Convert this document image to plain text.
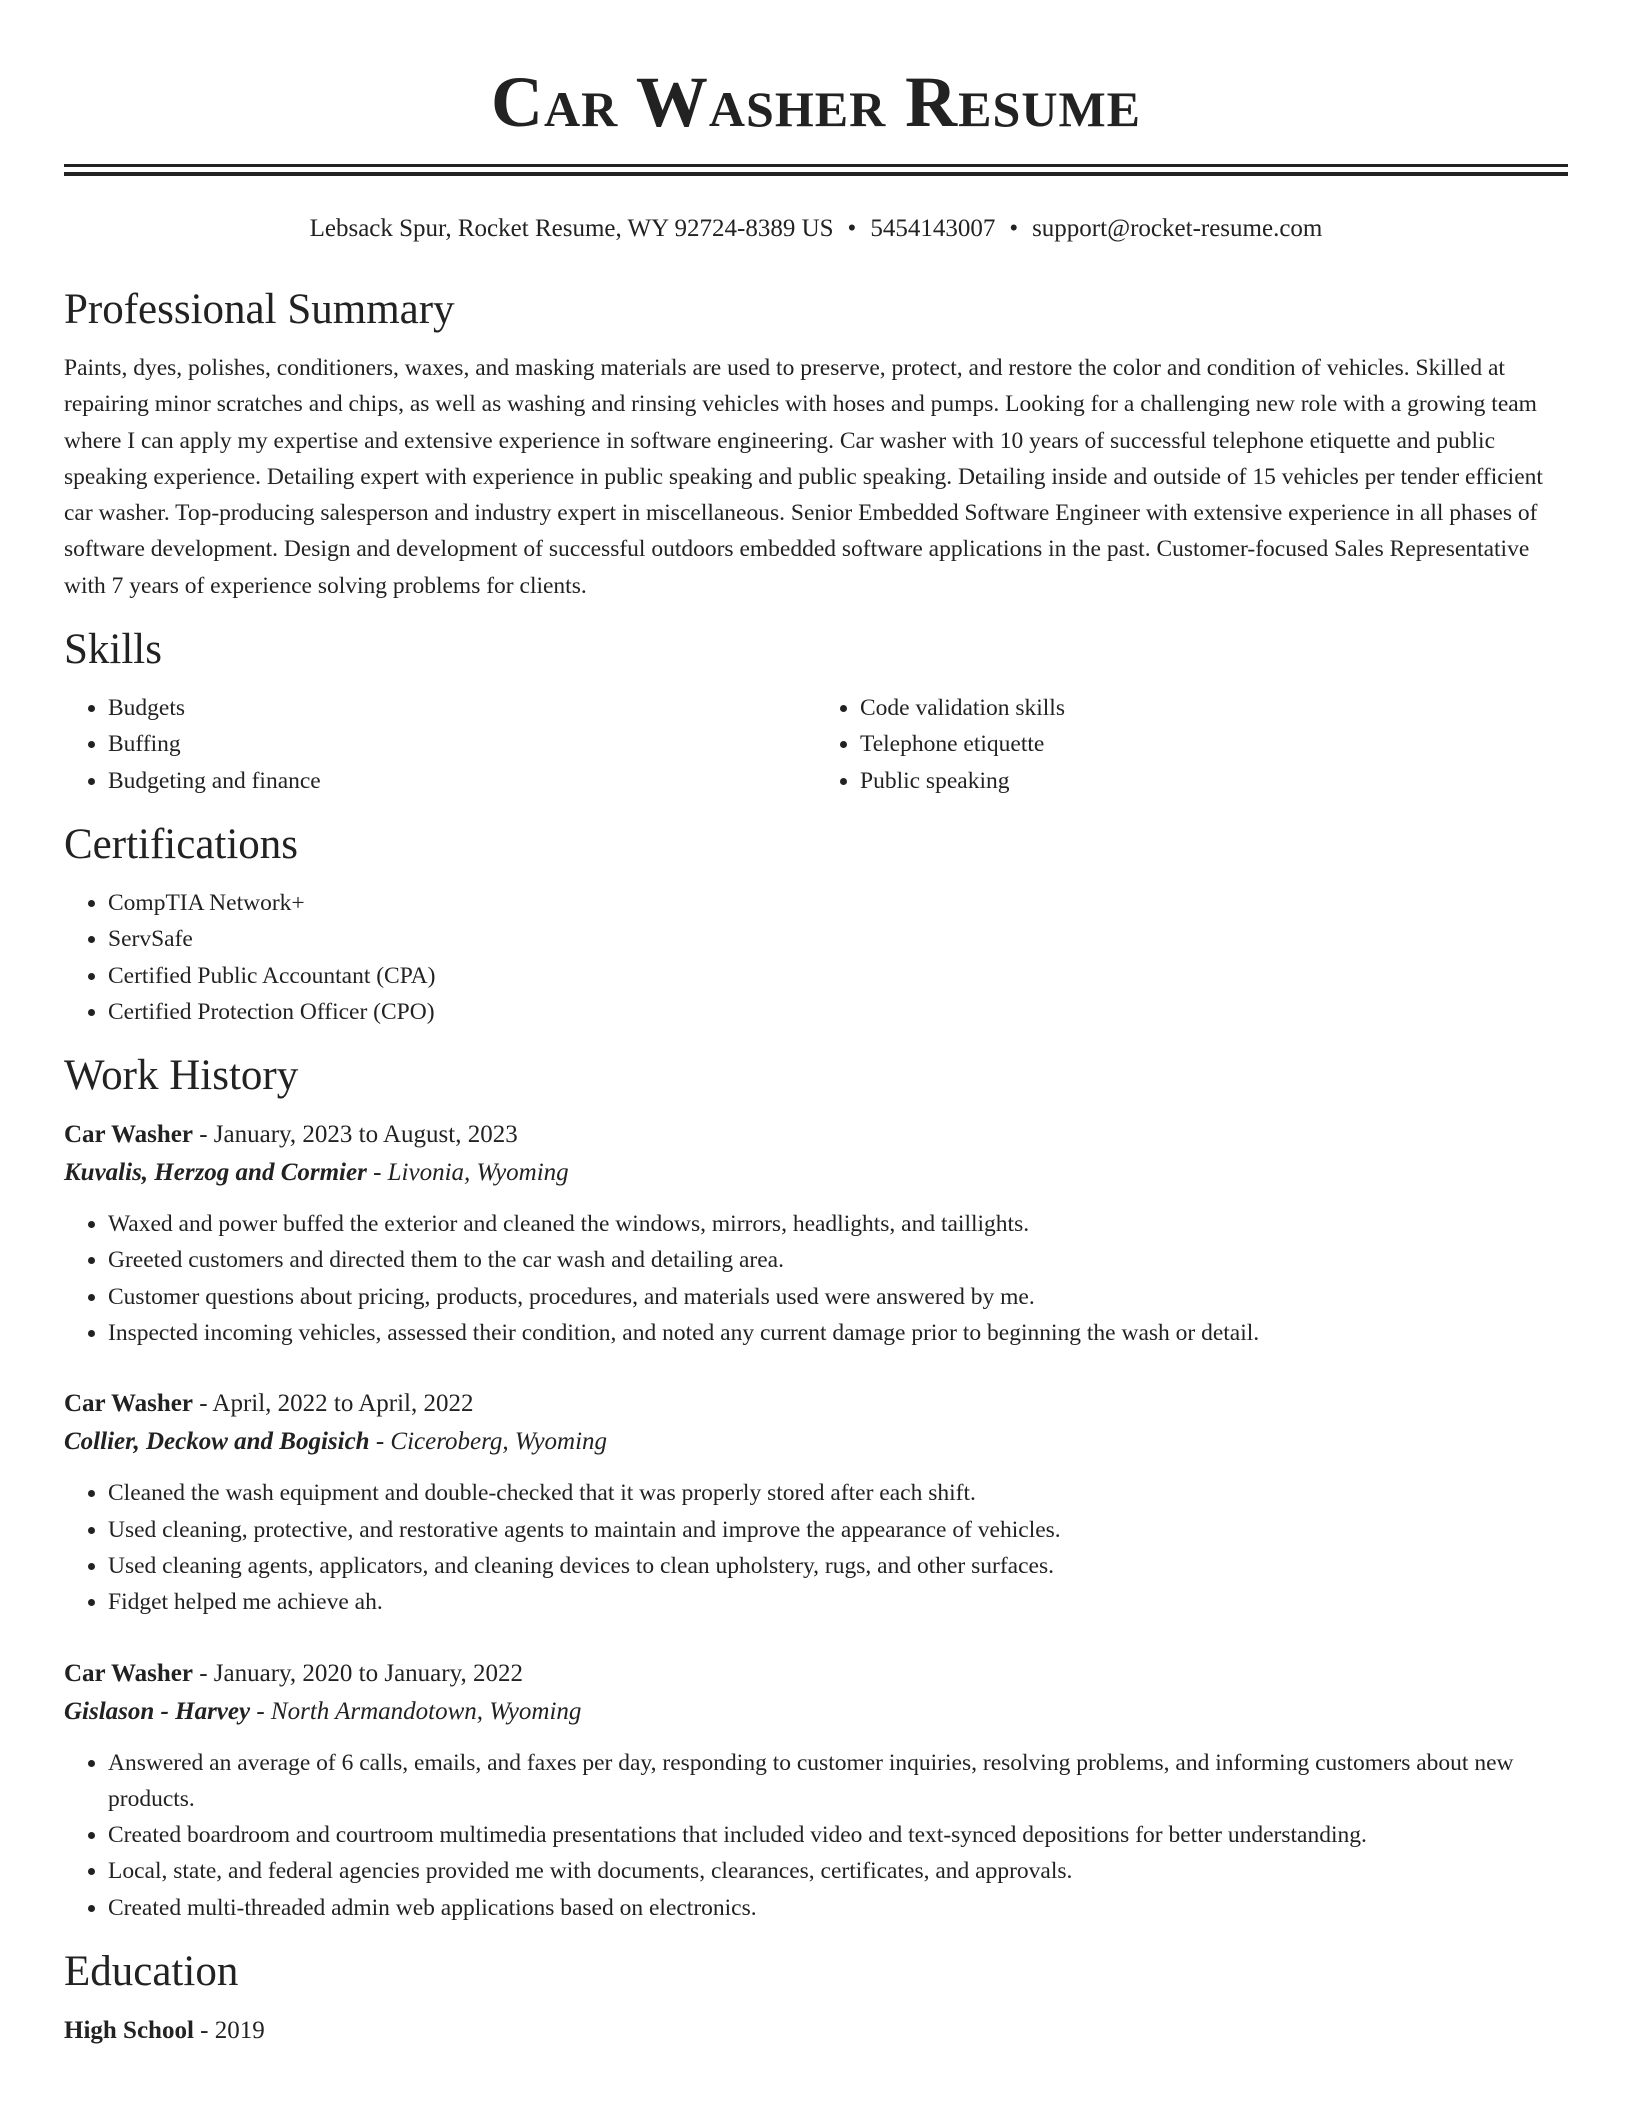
Car Washer Resume
Lebsack Spur, Rocket Resume, WY 92724-8389 US • 5454143007 • support@rocket-resume.com
Professional Summary

Paints, dyes, polishes, conditioners, waxes, and masking materials are used to preserve, protect, and restore the color and condition of vehicles. Skilled at repairing minor scratches and chips, as well as washing and rinsing vehicles with hoses and pumps. Looking for a challenging new role with a growing team where I can apply my expertise and extensive experience in software engineering. Car washer with 10 years of successful telephone etiquette and public speaking experience. Detailing expert with experience in public speaking and public speaking. Detailing inside and outside of 15 vehicles per tender efficient car washer. Top-producing salesperson and industry expert in miscellaneous. Senior Embedded Software Engineer with extensive experience in all phases of software development. Design and development of successful outdoors embedded software applications in the past. Customer-focused Sales Representative with 7 years of experience solving problems for clients.

Skills
• Budgets
• Buffing
• Budgeting and finance
• Code validation skills
• Telephone etiquette
• Public speaking
Certifications
• CompTIA Network+
• ServSafe
• Certified Public Accountant (CPA)
• Certified Protection Officer (CPO)
Work History
Car Washer - January, 2023 to August, 2023
Kuvalis, Herzog and Cormier - Livonia, Wyoming
• Waxed and power buffed the exterior and cleaned the windows, mirrors, headlights, and taillights.
• Greeted customers and directed them to the car wash and detailing area.
• Customer questions about pricing, products, procedures, and materials used were answered by me.
• Inspected incoming vehicles, assessed their condition, and noted any current damage prior to beginning the wash or detail.
Car Washer - April, 2022 to April, 2022
Collier, Deckow and Bogisich - Ciceroberg, Wyoming
• Cleaned the wash equipment and double-checked that it was properly stored after each shift.
• Used cleaning, protective, and restorative agents to maintain and improve the appearance of vehicles.
• Used cleaning agents, applicators, and cleaning devices to clean upholstery, rugs, and other surfaces.
• Fidget helped me achieve ah.
Car Washer - January, 2020 to January, 2022
Gislason - Harvey - North Armandotown, Wyoming
• Answered an average of 6 calls, emails, and faxes per day, responding to customer inquiries, resolving problems, and informing customers about new products.
• Created boardroom and courtroom multimedia presentations that included video and text-synced depositions for better understanding.
• Local, state, and federal agencies provided me with documents, clearances, certificates, and approvals.
• Created multi-threaded admin web applications based on electronics.
Education
High School - 2019
